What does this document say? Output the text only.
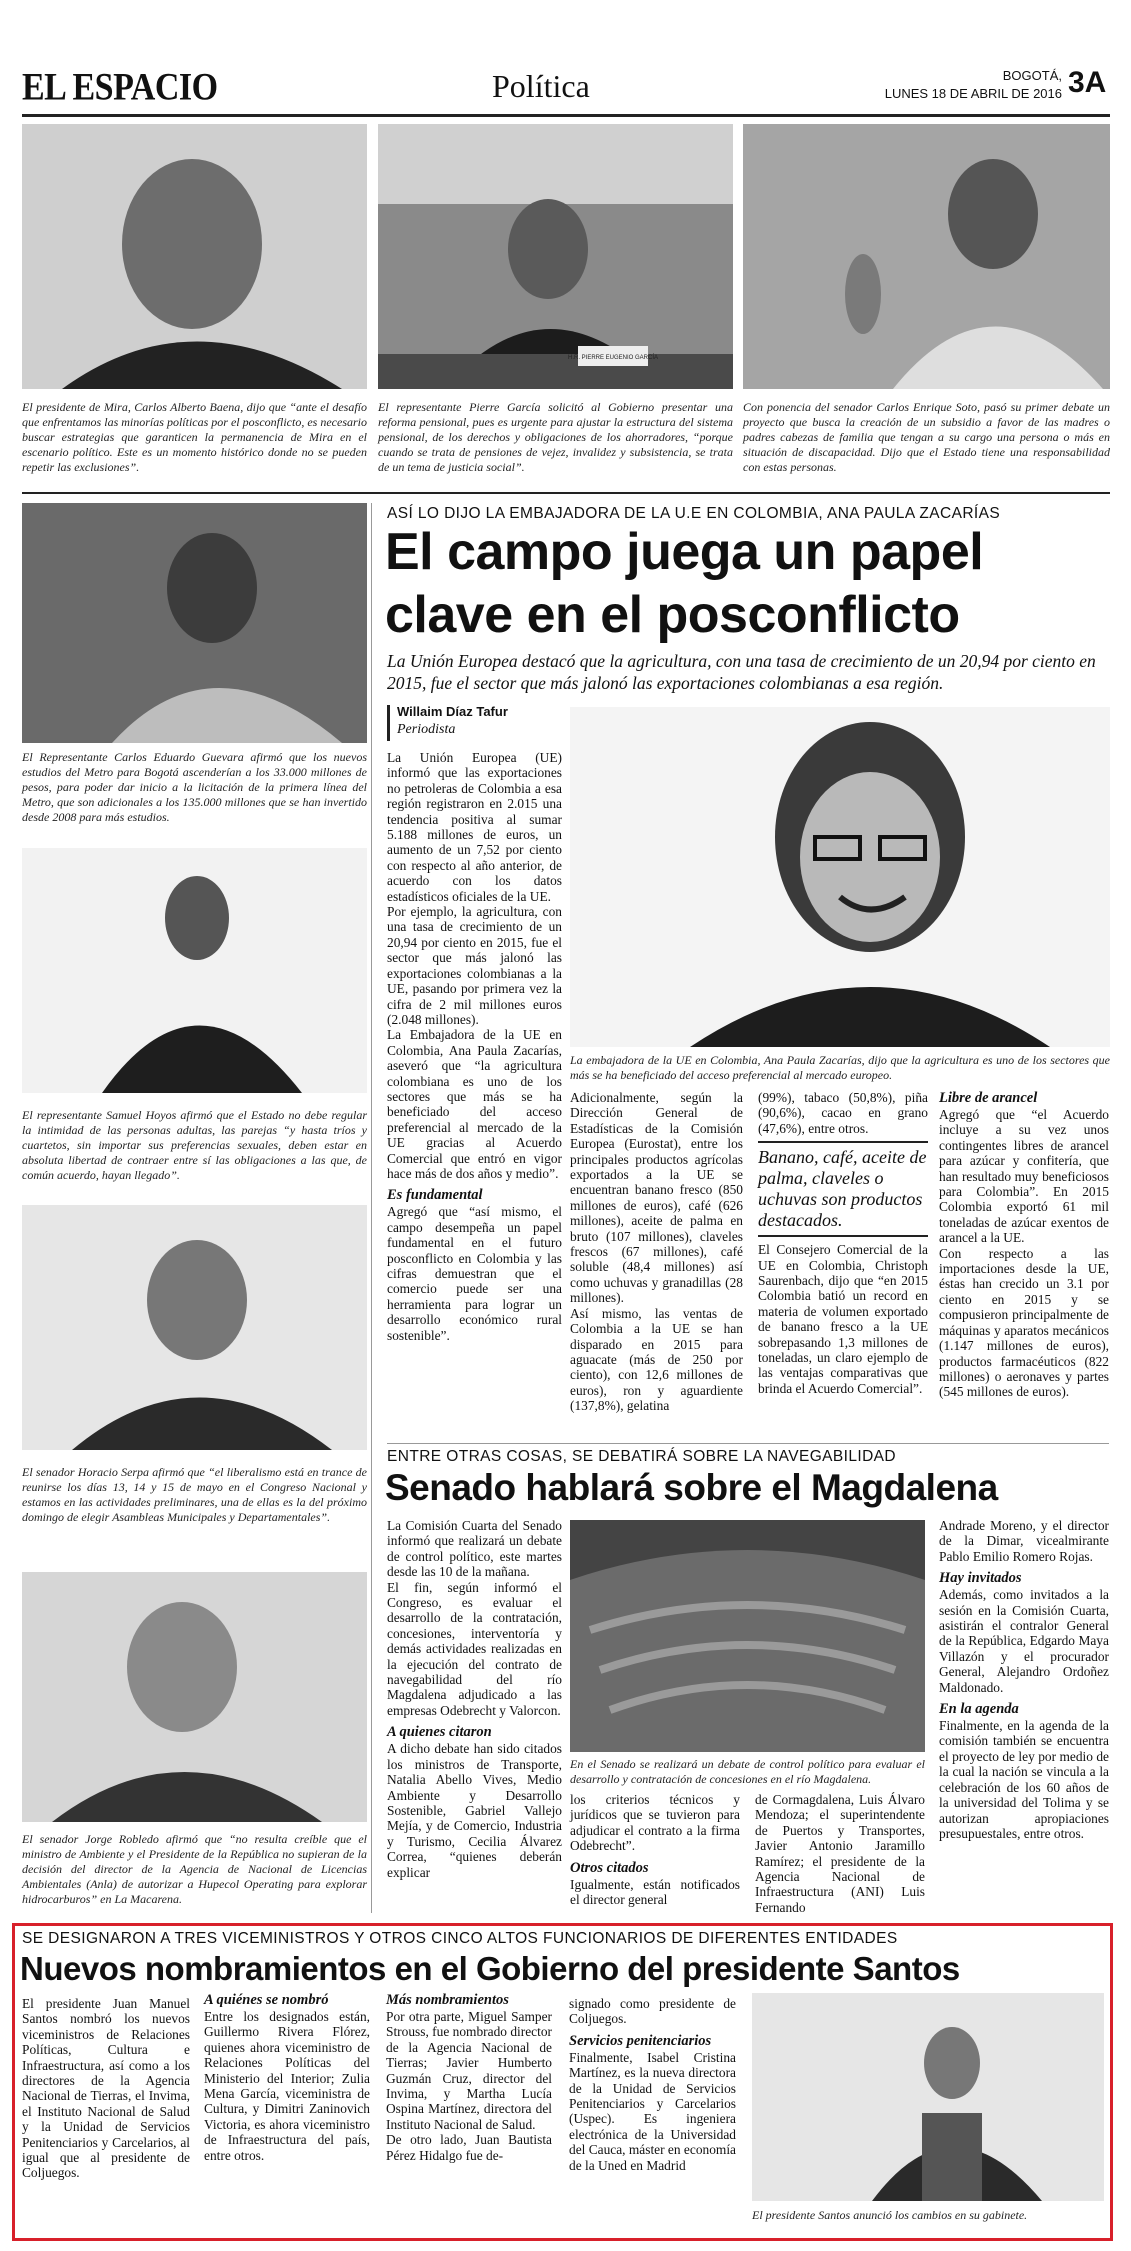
EL ESPACIO	Política	BOGOTÁ,
LUNES 18 DE ABRIL DE 2016 3A
H.R. PIERRE EUGENIO GARCÍA

El presidente de Mira, Carlos Alberto Baena, dijo que “ante el desafío que enfrentamos las minorías políticas por el posconflicto, es necesario buscar estrategias que garanticen la permanencia de Mira en el escenario político. Este es un momento histórico donde no se pueden repetir las exclusiones”.

El representante Pierre García solicitó al Gobierno presentar una reforma pensional, pues es urgente para ajustar la estructura del sistema pensional, de los derechos y obligaciones de los ahorradores, “porque cuando se trata de pensiones de vejez, invalidez y subsistencia, se trata de un tema de justicia social”.

Con ponencia del senador Carlos Enrique Soto, pasó su primer debate un proyecto que busca la creación de un subsidio a favor de las madres o padres cabezas de familia que tengan a su cargo una persona o más en situación de discapacidad. Dijo que el Estado tiene una responsabilidad con estas personas.

El Representante Carlos Eduardo Guevara afirmó que los nuevos estudios del Metro para Bogotá ascenderían a los 33.000 millones de pesos, para poder dar inicio a la licitación de la primera línea del Metro, que son adicionales a los 135.000 millones que se han invertido desde 2008 para más estudios.

El representante Samuel Hoyos afirmó que el Estado no debe regular la intimidad de las personas adultas, las parejas “y hasta tríos y cuartetos, sin importar sus preferencias sexuales, deben estar en absoluta libertad de contraer entre sí las obligaciones a las que, de común acuerdo, hayan llegado”.

El senador Horacio Serpa afirmó que “el liberalismo está en trance de reunirse los días 13, 14 y 15 de mayo en el Congreso Nacional y estamos en las actividades preliminares, una de ellas es la del próximo domingo de elegir Asambleas Municipales y Departamentales”.

El senador Jorge Robledo afirmó que “no resulta creíble que el ministro de Ambiente y el Presidente de la República no supieran de la decisión del director de la Agencia de Nacional de Licencias Ambientales (Anla) de autorizar a Hupecol Operating para explorar hidrocarburos” en La Macarena.

ASÍ LO DIJO LA EMBAJADORA DE LA U.E EN COLOMBIA, ANA PAULA ZACARÍAS
El campo juega un papel
clave en el posconflicto

La Unión Europea destacó que la agricultura, con una tasa de crecimiento de un 20,94 por ciento en 2015, fue el sector que más jalonó las exportaciones colombianas a esa región.

Willaim Díaz Tafur
Periodista

La Unión Europea (UE) informó que las exportaciones no petroleras de Colombia a esa región registraron en 2.015 una tendencia positiva al sumar 5.188 millones de euros, un aumento de un 7,52 por ciento con respecto al año anterior, de acuerdo con los datos estadísticos oficiales de la UE.

Por ejemplo, la agricultura, con una tasa de crecimiento de un 20,94 por ciento en 2015, fue el sector que más jalonó las exportaciones colombianas a la UE, pasando por primera vez la cifra de 2 mil millones euros (2.048 millones).

La Embajadora de la UE en Colombia, Ana Paula Zacarías, aseveró que “la agricultura colombiana es uno de los sectores que más se ha beneficiado del acceso preferencial al mercado de la UE gracias al Acuerdo Comercial que entró en vigor hace más de dos años y medio”.

Es fundamental

Agregó que “así mismo, el campo desempeña un papel fundamental en el futuro posconflicto en Colombia y las cifras demuestran que el comercio puede ser una herramienta para lograr un desarrollo económico rural sostenible”.

La embajadora de la UE en Colombia, Ana Paula Zacarías, dijo que la agricultura es uno de los sectores que más se ha beneficiado del acceso preferencial al mercado europeo.

Adicionalmente, según la Dirección General de Estadísticas de la Comisión Europea (Eurostat), entre los principales productos agrícolas exportados a la UE se encuentran banano fresco (850 millones de euros), café (626 millones), aceite de palma en bruto (107 millones), claveles frescos (67 millones), café soluble (48,4 millones) así como uchuvas y granadillas (28 millones).

Así mismo, las ventas de Colombia a la UE se han disparado en 2015 para aguacate (más de 250 por ciento), con 12,6 millones de euros), ron y aguardiente (137,8%), gelatina

(99%), tabaco (50,8%), piña (90,6%), cacao en grano (47,6%), entre otros.

Banano, café, aceite de palma, claveles o uchuvas son productos destacados.

El Consejero Comercial de la UE en Colombia, Christoph Saurenbach, dijo que “en 2015 Colombia batió un record en materia de volumen exportado de banano fresco a la UE sobrepasando 1,3 millones de toneladas, un claro ejemplo de las ventajas comparativas que brinda el Acuerdo Comercial”.

Libre de arancel

Agregó que “el Acuerdo incluye a su vez unos contingentes libres de arancel para azúcar y confitería, que han resultado muy beneficiosos para Colombia”. En 2015 Colombia exportó 61 mil toneladas de azúcar exentos de arancel a la UE.

Con respecto a las importaciones desde la UE, éstas han crecido un 3.1 por ciento en 2015 y se compusieron principalmente de máquinas y aparatos mecánicos (1.147 millones de euros), productos farmacéuticos (822 millones) o aeronaves y partes (545 millones de euros).

ENTRE OTRAS COSAS, SE DEBATIRÁ SOBRE LA NAVEGABILIDAD
Senado hablará sobre el Magdalena

La Comisión Cuarta del Senado informó que realizará un debate de control político, este martes desde las 10 de la mañana.

El fin, según informó el Congreso, es evaluar el desarrollo de la contratación, concesiones, interventoría y demás actividades realizadas en la ejecución del contrato de navegabilidad del río Magdalena adjudicado a las empresas Odebrecht y Valorcon.

A quienes citaron

A dicho debate han sido citados los ministros de Transporte, Natalia Abello Vives, Medio Ambiente y Desarrollo Sostenible, Gabriel Vallejo Mejía, y de Comercio, Industria y Turismo, Cecilia Álvarez Correa, “quienes deberán explicar

En el Senado se realizará un debate de control político para evaluar el desarrollo y contratación de concesiones en el río Magdalena.

los criterios técnicos y jurídicos que se tuvieron para adjudicar el contrato a la firma Odebrecht”.

Otros citados

Igualmente, están notificados el director general

de Cormagdalena, Luis Álvaro Mendoza; el superintendente de Puertos y Transportes, Javier Antonio Jaramillo Ramírez; el presidente de la Agencia Nacional de Infraestructura (ANI) Luis Fernando

Andrade Moreno, y el director de la Dimar, vicealmirante Pablo Emilio Romero Rojas.

Hay invitados

Además, como invitados a la sesión en la Comisión Cuarta, asistirán el contralor General de la República, Edgardo Maya Villazón y el procurador General, Alejandro Ordoñez Maldonado.

En la agenda

Finalmente, en la agenda de la comisión también se encuentra el proyecto de ley por medio de la cual la nación se vincula a la celebración de los 60 años de la universidad del Tolima y se autorizan apropiaciones presupuestales, entre otros.

SE DESIGNARON A TRES VICEMINISTROS Y OTROS CINCO ALTOS FUNCIONARIOS DE DIFERENTES ENTIDADES
Nuevos nombramientos en el Gobierno del presidente Santos

El presidente Juan Manuel Santos nombró los nuevos viceministros de Relaciones Políticas, Cultura e Infraestructura, así como a los directores de la Agencia Nacional de Tierras, el Invima, el Instituto Nacional de Salud y la Unidad de Servicios Penitenciarios y Carcelarios, al igual que al presidente de Coljuegos.

A quiénes se nombró

Entre los designados están, Guillermo Rivera Flórez, quienes ahora viceministro de Relaciones Políticas del Ministerio del Interior; Zulia Mena García, viceministra de Cultura, y Dimitri Zaninovich Victoria, es ahora viceministro de Infraestructura del país, entre otros.

Más nombramientos

Por otra parte, Miguel Samper Strouss, fue nombrado director de la Agencia Nacional de Tierras; Javier Humberto Guzmán Cruz, director del Invima, y Martha Lucía Ospina Martínez, directora del Instituto Nacional de Salud.

De otro lado, Juan Bautista Pérez Hidalgo fue de-

signado como presidente de Coljuegos.

Servicios penitenciarios

Finalmente, Isabel Cristina Martínez, es la nueva directora de la Unidad de Servicios Penitenciarios y Carcelarios (Uspec). Es ingeniera electrónica de la Universidad del Cauca, máster en economía de la Uned en Madrid

El presidente Santos anunció los cambios en su gabinete.
